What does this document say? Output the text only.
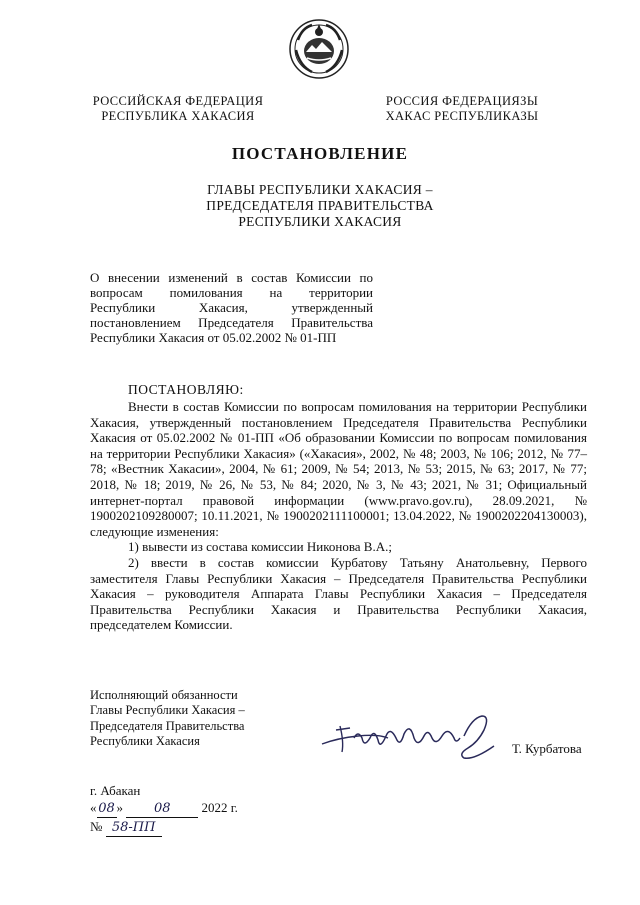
РОССИЙСКАЯ ФЕДЕРАЦИЯ
РЕСПУБЛИКА ХАКАСИЯ
РОССИЯ ФЕДЕРАЦИЯЗЫ
ХАКАС РЕСПУБЛИКАЗЫ
ПОСТАНОВЛЕНИЕ
ГЛАВЫ РЕСПУБЛИКИ ХАКАСИЯ –
ПРЕДСЕДАТЕЛЯ ПРАВИТЕЛЬСТВА
РЕСПУБЛИКИ ХАКАСИЯ
О внесении изменений в состав Комиссии по
вопросам помилования на территории
Республики Хакасия, утвержденный
постановлением Председателя Правительства
Республики Хакасия от 05.02.2002 № 01-ПП
ПОСТАНОВЛЯЮ:

Внести в состав Комиссии по вопросам помилования на территории Республики Хакасия, утвержденный постановлением Председателя Правительства Республики Хакасия от 05.02.2002 № 01-ПП «Об образовании Комиссии по вопросам помилования на территории Республики Хакасия» («Хакасия», 2002, № 48; 2003, № 106; 2012, № 77–78; «Вестник Хакасии», 2004, № 61; 2009, № 54; 2013, № 53; 2015, № 63; 2017, № 77; 2018, № 18; 2019, № 26, № 53, № 84; 2020, № 3, № 43; 2021, № 31; Официальный интернет-портал правовой информации (www.pravo.gov.ru), 28.09.2021, № 1900202109280007; 10.11.2021, № 1900202111100001; 13.04.2022, № 1900202204130003), следующие изменения:

1) вывести из состава комиссии Никонова В.А.;

2) ввести в состав комиссии Курбатову Татьяну Анатольевну, Первого заместителя Главы Республики Хакасия – Председателя Правительства Республики Хакасия – руководителя Аппарата Главы Республики Хакасия – Председателя Правительства Республики Хакасия и Правительства Республики Хакасия, председателем Комиссии.

Исполняющий обязанности
Главы Республики Хакасия –
Председателя Правительства
Республики Хакасия
Т. Курбатова
г. Абакан
« 08 » 08 2022 г.
№ 58-ПП
